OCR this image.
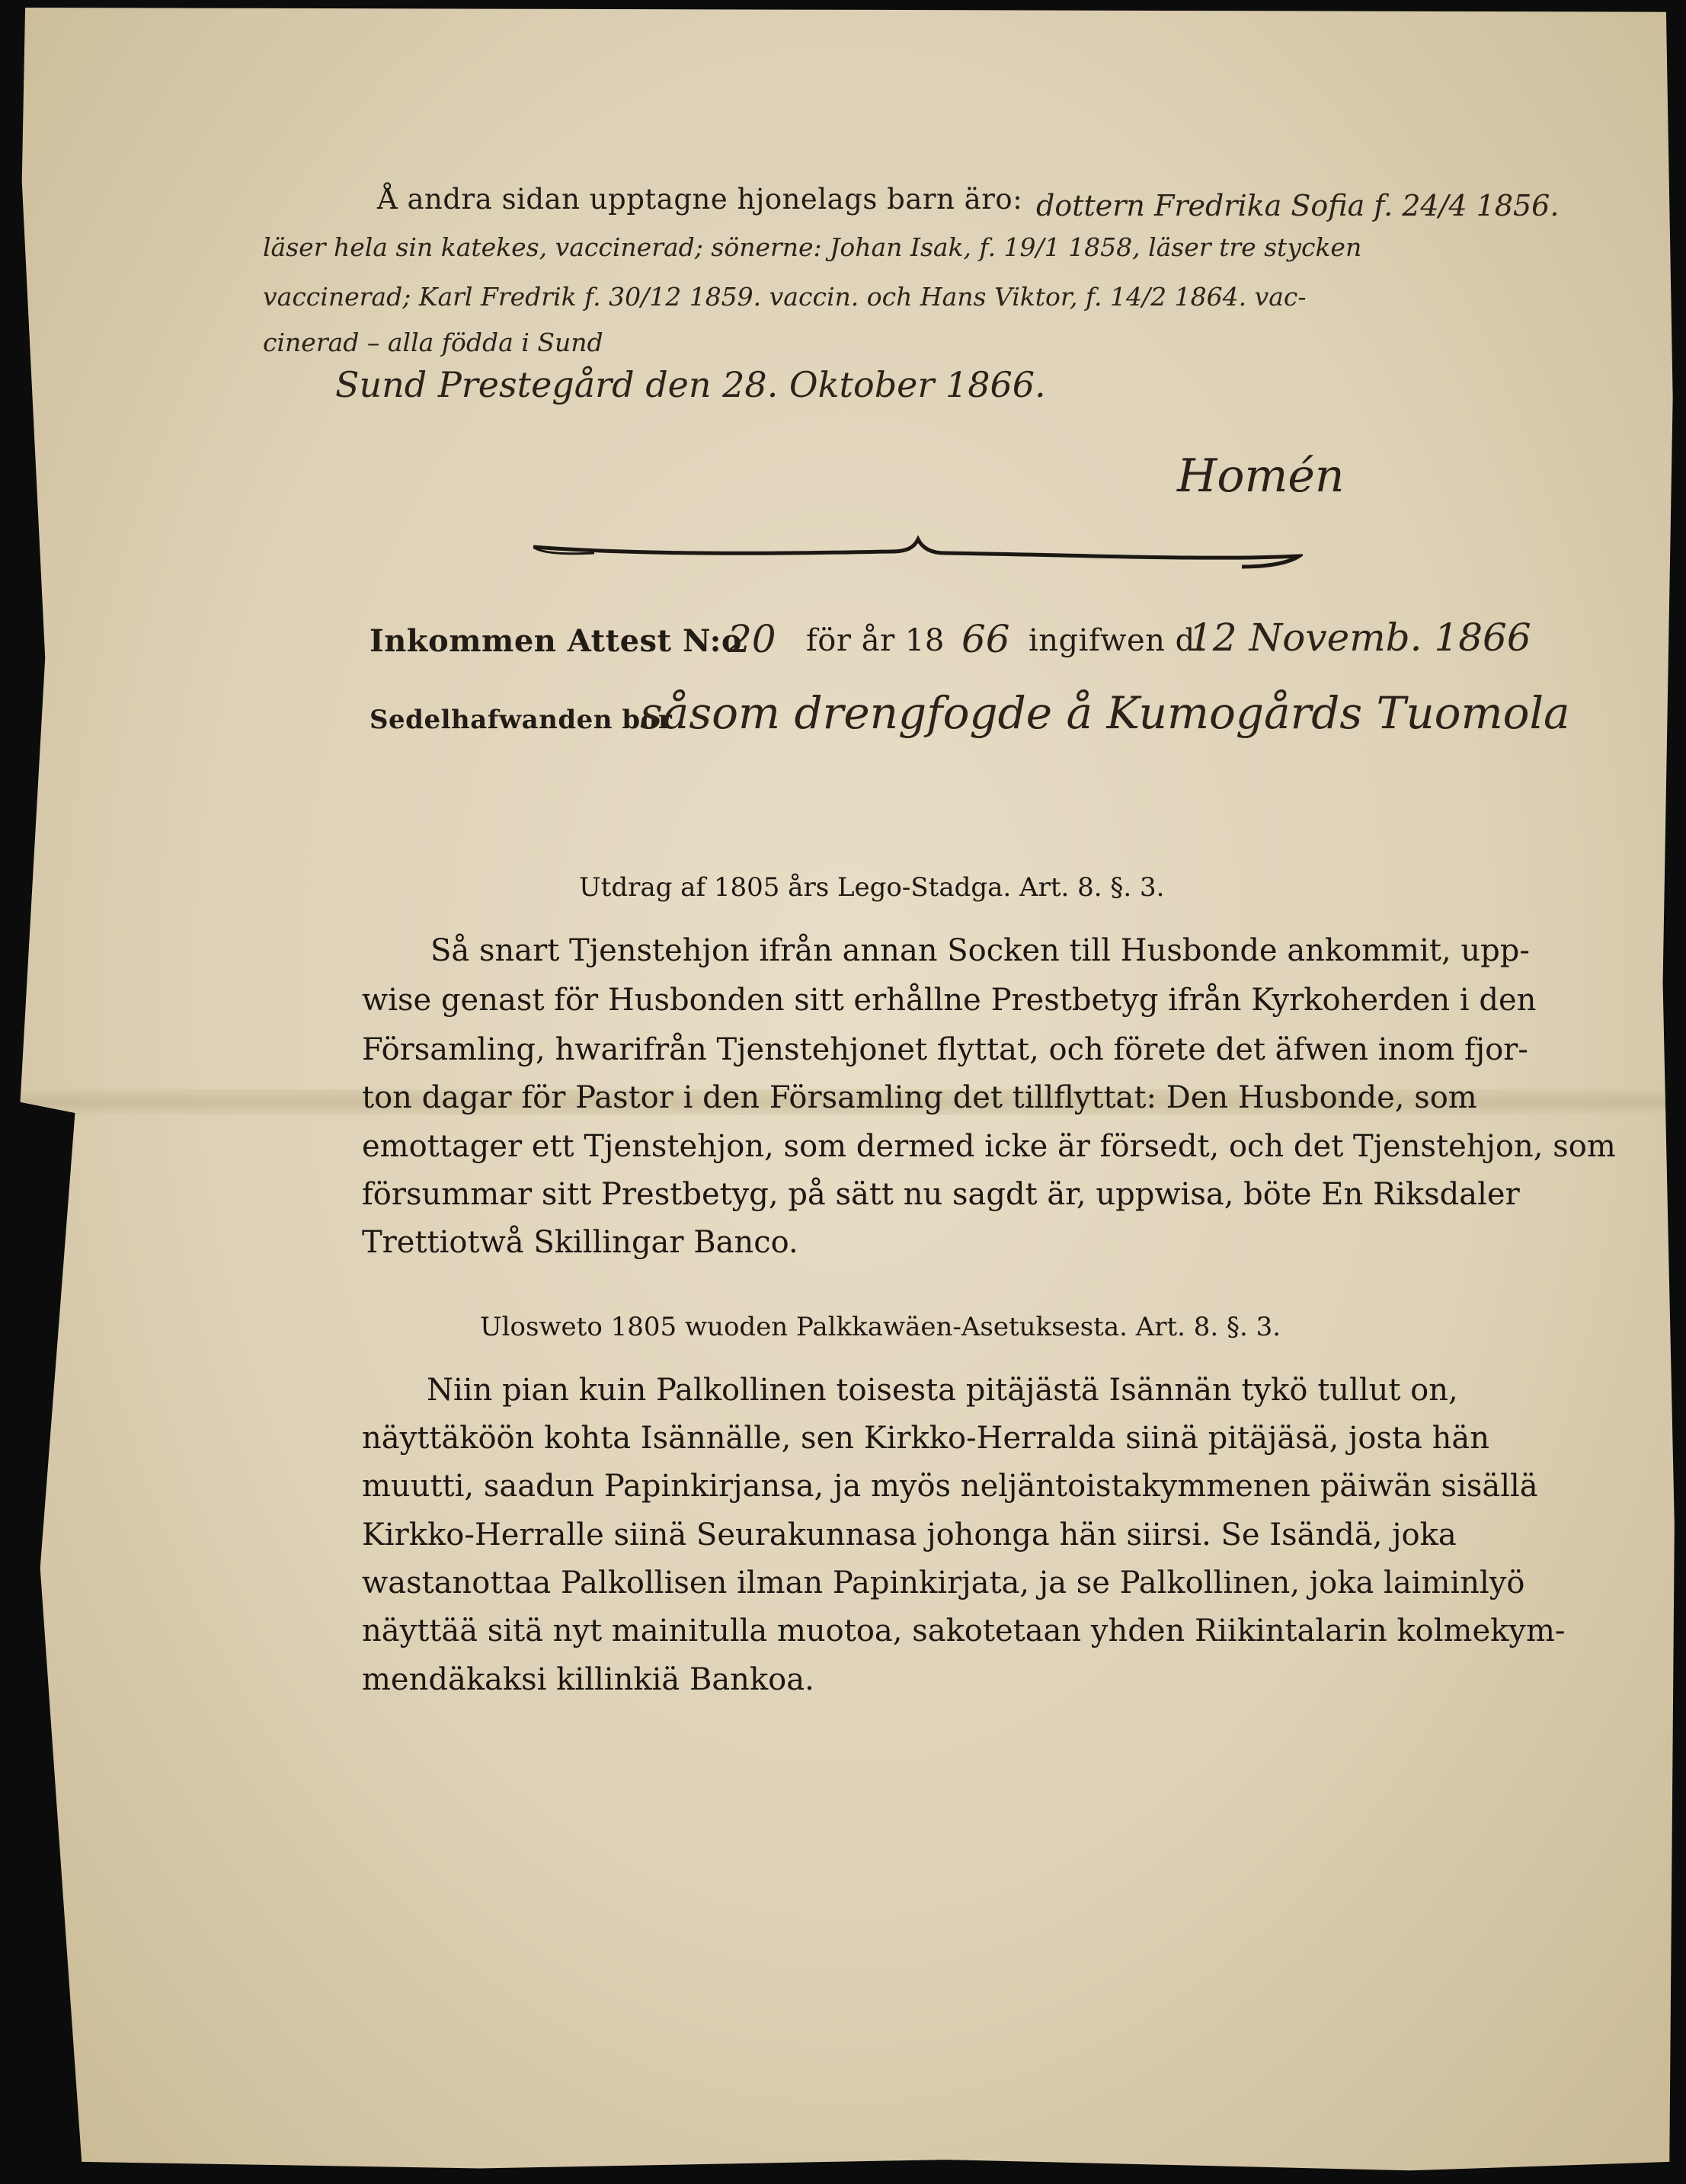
Å andra sidan upptagne hjonelags barn äro: dottern Fredrika Sofia f. 24/4 1856.
läser hela sin katekes, vaccinerad; sönerne: Johan Isak, f. 19/1 1858, läser tre stycken
vaccinerad; Karl Fredrik f. 30/12 1859. vaccin. och Hans Viktor, f. 14/2 1864. vac-
cinerad – alla födda i Sund
Sund Prestegård den 28. Oktober 1866.
Homén
Inkommen Attest N:o
20 för år 18 66 ingifwen d.
12 Novemb. 1866
Sedelhafwanden bor
såsom drengfogde å Kumogårds Tuomola
Utdrag af 1805 års Lego-Stadga. Art. 8. §. 3.
Så snart Tjenstehjon ifrån annan Socken till Husbonde ankommit, upp-
wise genast för Husbonden sitt erhållne Prestbetyg ifrån Kyrkoherden i den
Församling, hwarifrån Tjenstehjonet flyttat, och förete det äfwen inom fjor-
ton dagar för Pastor i den Församling det tillflyttat: Den Husbonde, som
emottager ett Tjenstehjon, som dermed icke är försedt, och det Tjenstehjon, som
försummar sitt Prestbetyg, på sätt nu sagdt är, uppwisa, böte En Riksdaler
Trettiotwå Skillingar Banco.
Ulosweto 1805 wuoden Palkkawäen-Asetuksesta. Art. 8. §. 3.
Niin pian kuin Palkollinen toisesta pitäjästä Isännän tykö tullut on,
näyttäköön kohta Isännälle, sen Kirkko-Herralda siinä pitäjäsä, josta hän
muutti, saadun Papinkirjansa, ja myös neljäntoistakymmenen päiwän sisällä
Kirkko-Herralle siinä Seurakunnasa johonga hän siirsi. Se Isändä, joka
wastanottaa Palkollisen ilman Papinkirjata, ja se Palkollinen, joka laiminlyö
näyttää sitä nyt mainitulla muotoa, sakotetaan yhden Riikintalarin kolmekym-
mendäkaksi killinkiä Bankoa.
